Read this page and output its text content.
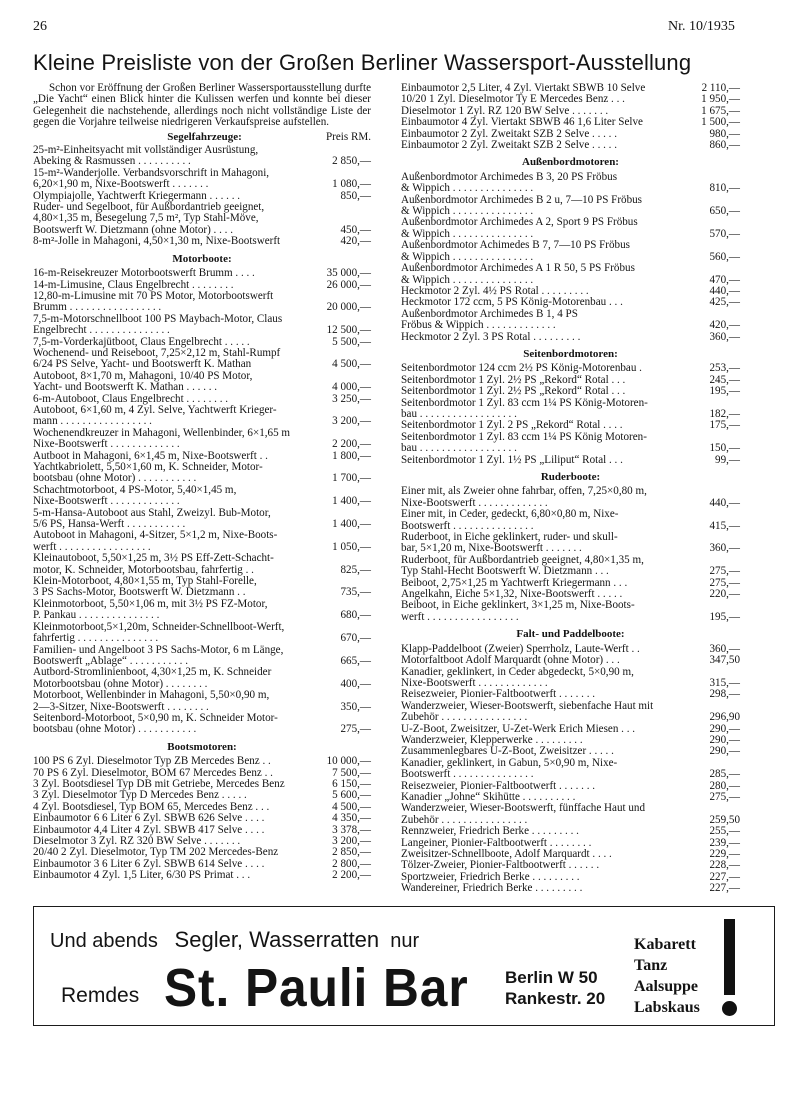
26	Nr. 10/1935
Kleine Preisliste von der Großen Berliner Wassersport-Ausstellung

Schon vor Eröffnung der Großen Berliner Wassersportausstellung durfte „Die Yacht“ einen Blick hinter die Kulissen werfen und konnte bei dieser Gelegenheit die nachstehende, allerdings noch nicht vollständige Liste der gegen die Vorjahre teilweise niedrigeren Verkaufspreise aufstellen.

Segelfahrzeuge:	Preis RM.
25-m²-Einheitsyacht mit vollständiger Ausrüstung,
Abeking & Rasmussen . . . . . . . . . .	2 850,—
15-m²-Wanderjolle. Verbandsvorschrift in Mahagoni,
6,20×1,90 m, Nixe-Bootswerft . . . . . . .	1 080,—
Olympiajolle, Yachtwerft Kriegermann . . . . . .	850,—
Ruder- und Segelboot, für Außbordantrieb geeignet,
4,80×1,35 m, Besegelung 7,5 m², Typ Stahl-Möve,
Bootswerft W. Dietzmann (ohne Motor) . . . .	450,—
8-m²-Jolle in Mahagoni, 4,50×1,30 m, Nixe-Bootswerft	420,—
Motorboote:
16-m-Reisekreuzer Motorbootswerft Brumm . . . .	35 000,—
14-m-Limusine, Claus Engelbrecht . . . . . . . .	26 000,—
12,80-m-Limusine mit 70 PS Motor, Motorbootswerft
Brumm . . . . . . . . . . . . . . . . .	20 000,—
7,5-m-Motorschnellboot 100 PS Maybach-Motor, Claus
Engelbrecht . . . . . . . . . . . . . . .	12 500,—
7,5-m-Vorderkajütboot, Claus Engelbrecht . . . . .	5 500,—
Wochenend- und Reiseboot, 7,25×2,12 m, Stahl-Rumpf
6/24 PS Selve, Yacht- und Bootswerft K. Mathan	4 500,—
Autoboot, 8×1,70 m, Mahagoni, 10/40 PS Motor,
Yacht- und Bootswerft K. Mathan . . . . . .	4 000,—
6-m-Autoboot, Claus Engelbrecht . . . . . . . .	3 250,—
Autoboot, 6×1,60 m, 4 Zyl. Selve, Yachtwerft Krieger-
mann . . . . . . . . . . . . . . . . .	3 200,—
Wochenendkreuzer in Mahagoni, Wellenbinder, 6×1,65 m
Nixe-Bootswerft . . . . . . . . . . . . .	2 200,—
Autboot in Mahagoni, 6×1,45 m, Nixe-Bootswerft . .	1 800,—
Yachtkabriolett, 5,50×1,60 m, K. Schneider, Motor-
bootsbau (ohne Motor) . . . . . . . . . . .	1 700,—
Schachtmotorboot, 4 PS-Motor, 5,40×1,45 m,
Nixe-Bootswerft . . . . . . . . . . . . .	1 400,—
5-m-Hansa-Autoboot aus Stahl, Zweizyl. Bub-Motor,
5/6 PS, Hansa-Werft . . . . . . . . . . .	1 400,—
Autoboot in Mahagoni, 4-Sitzer, 5×1,2 m, Nixe-Boots-
werft . . . . . . . . . . . . . . . . .	1 050,—
Kleinautoboot, 5,50×1,25 m, 3½ PS Eff-Zett-Schacht-
motor, K. Schneider, Motorbootsbau, fahrfertig . .	825,—
Klein-Motorboot, 4,80×1,55 m, Typ Stahl-Forelle,
3 PS Sachs-Motor, Bootswerft W. Dietzmann . .	735,—
Kleinmotorboot, 5,50×1,06 m, mit 3½ PS FZ-Motor,
P. Pankau . . . . . . . . . . . . . . .	680,—
Kleinmotorboot,5×1,20m, Schneider-Schnellboot-Werft,
fahrfertig . . . . . . . . . . . . . . .	670,—
Familien- und Angelboot 3 PS Sachs-Motor, 6 m Länge,
Bootswerft „Ablage“ . . . . . . . . . . .	665,—
Autbord-Stromlinienboot, 4,30×1,25 m, K. Schneider
Motorbootsbau (ohne Motor) . . . . . . . .	400,—
Motorboot, Wellenbinder in Mahagoni, 5,50×0,90 m,
2—3-Sitzer, Nixe-Bootswerft . . . . . . . .	350,—
Seitenbord-Motorboot, 5×0,90 m, K. Schneider Motor-
bootsbau (ohne Motor) . . . . . . . . . . .	275,—
Bootsmotoren:
100 PS 6 Zyl. Dieselmotor Typ ZB Mercedes Benz . .	10 000,—
70 PS 6 Zyl. Dieselmotor, BOM 67 Mercedes Benz . .	7 500,—
3 Zyl. Bootsdiesel Typ DB mit Getriebe, Mercedes Benz	6 150,—
3 Zyl. Dieselmotor Typ D Mercedes Benz . . . . .	5 600,—
4 Zyl. Bootsdiesel, Typ BOM 65, Mercedes Benz . . .	4 500,—
Einbaumotor 6 6 Liter 6 Zyl. SBWB 626 Selve . . . .	4 350,—
Einbaumotor 4,4 Liter 4 Zyl. SBWB 417 Selve . . . .	3 378,—
Dieselmotor 3 Zyl. RZ 320 BW Selve . . . . . . .	3 200,—
20/40 2 Zyl. Dieselmotor, Typ TM 202 Mercedes-Benz	2 850,—
Einbaumotor 3 6 Liter 6 Zyl. SBWB 614 Selve . . . .	2 800,—
Einbaumotor 4 Zyl. 1,5 Liter, 6/30 PS Primat . . .	2 200,—
Einbaumotor 2,5 Liter, 4 Zyl. Viertakt SBWB 10 Selve	2 110,—
10/20 1 Zyl. Dieselmotor Ty E Mercedes Benz . . .	1 950,—
Dieselmotor 1 Zyl. RZ 120 BW Selve . . . . . . .	1 675,—
Einbaumotor 4 Zyl. Viertakt SBWB 46 1,6 Liter Selve	1 500,—
Einbaumotor 2 Zyl. Zweitakt SZB 2 Selve . . . . .	980,—
Einbaumotor 2 Zyl. Zweitakt SZB 2 Selve . . . . .	860,—
Außenbordmotoren:
Außenbordmotor Archimedes B 3, 20 PS Fröbus
& Wippich . . . . . . . . . . . . . . .	810,—
Außenbordmotor Archimedes B 2 u, 7—10 PS Fröbus
& Wippich . . . . . . . . . . . . . . .	650,—
Außenbordmotor Archimedes A 2, Sport 9 PS Fröbus
& Wippich . . . . . . . . . . . . . . .	570,—
Außenbordmotor Achimedes B 7, 7—10 PS Fröbus
& Wippich . . . . . . . . . . . . . . .	560,—
Außenbordmotor Archimedes A 1 R 50, 5 PS Fröbus
& Wippich . . . . . . . . . . . . . . .	470,—
Heckmotor 2 Zyl. 4½ PS Rotal . . . . . . . . .	440,—
Heckmotor 172 ccm, 5 PS König-Motorenbau . . .	425,—
Außenbordmotor Archimedes B 1, 4 PS
Fröbus & Wippich . . . . . . . . . . . . .	420,—
Heckmotor 2 Zyl. 3 PS Rotal . . . . . . . . .	360,—
Seitenbordmotoren:
Seitenbordmotor 124 ccm 2½ PS König-Motorenbau .	253,—
Seitenbordmotor 1 Zyl. 2½ PS „Rekord“ Rotal . . .	245,—
Seitenbordmotor 1 Zyl. 2½ PS „Rekord“ Rotal . . .	195,—
Seitenbordmotor 1 Zyl. 83 ccm 1¼ PS König-Motoren-
bau . . . . . . . . . . . . . . . . . .	182,—
Seitenbordmotor 1 Zyl. 2 PS „Rekord“ Rotal . . . .	175,—
Seitenbordmotor 1 Zyl. 83 ccm 1¼ PS König Motoren-
bau . . . . . . . . . . . . . . . . . .	150,—
Seitenbordmotor 1 Zyl. 1½ PS „Liliput“ Rotal . . .	99,—
Ruderboote:
Einer mit, als Zweier ohne fahrbar, offen, 7,25×0,80 m,
Nixe-Bootswerft . . . . . . . . . . . . .	440,—
Einer mit, in Ceder, gedeckt, 6,80×0,80 m, Nixe-
Bootswerft . . . . . . . . . . . . . . .	415,—
Ruderboot, in Eiche geklinkert, ruder- und skull-
bar, 5×1,20 m, Nixe-Bootswerft . . . . . . .	360,—
Ruderboot, für Außbordantrieb geeignet, 4,80×1,35 m,
Typ Stahl-Hecht Bootswerft W. Dietzmann . . .	275,—
Beiboot, 2,75×1,25 m Yachtwerft Kriegermann . . .	275,—
Angelkahn, Eiche 5×1,32, Nixe-Bootswerft . . . . .	220,—
Beiboot, in Eiche geklinkert, 3×1,25 m, Nixe-Boots-
werft . . . . . . . . . . . . . . . . .	195,—
Falt- und Paddelboote:
Klapp-Paddelboot (Zweier) Sperrholz, Laute-Werft . .	360,—
Motorfaltboot Adolf Marquardt (ohne Motor) . . .	347,50
Kanadier, geklinkert, in Ceder abgedeckt, 5×0,90 m,
Nixe-Bootswerft . . . . . . . . . . . . .	315,—
Reisezweier, Pionier-Faltbootwerft . . . . . . .	298,—
Wanderzweier, Wieser-Bootswerft, siebenfache Haut mit
Zubehör . . . . . . . . . . . . . . . .	296,90
U-Z-Boot, Zweisitzer, U-Zet-Werk Erich Miesen . . .	290,—
Wanderzweier, Klepperwerke . . . . . . . . .	290,—
Zusammenlegbares U-Z-Boot, Zweisitzer . . . . .	290,—
Kanadier, geklinkert, in Gabun, 5×0,90 m, Nixe-
Bootswerft . . . . . . . . . . . . . . .	285,—
Reisezweier, Pionier-Faltbootwerft . . . . . . .	280,—
Kanadier „Johne“ Skihütte . . . . . . . . . .	275,—
Wanderzweier, Wieser-Bootswerft, fünffache Haut und
Zubehör . . . . . . . . . . . . . . . .	259,50
Rennzweier, Friedrich Berke . . . . . . . . .	255,—
Langeiner, Pionier-Faltbootwerft . . . . . . . .	239,—
Zweisitzer-Schnellboote, Adolf Marquardt . . . .	229,—
Tölzer-Zweier, Pionier-Faltbootwerft . . . . . .	228,—
Sportzweier, Friedrich Berke . . . . . . . . .	227,—
Wandereiner, Friedrich Berke . . . . . . . . .	227,—
Und abends Segler, Wasserratten nur
Remdes St. Pauli Bar Berlin W 50
Rankestr. 20
Kabarett
Tanz
Aalsuppe
Labskaus
